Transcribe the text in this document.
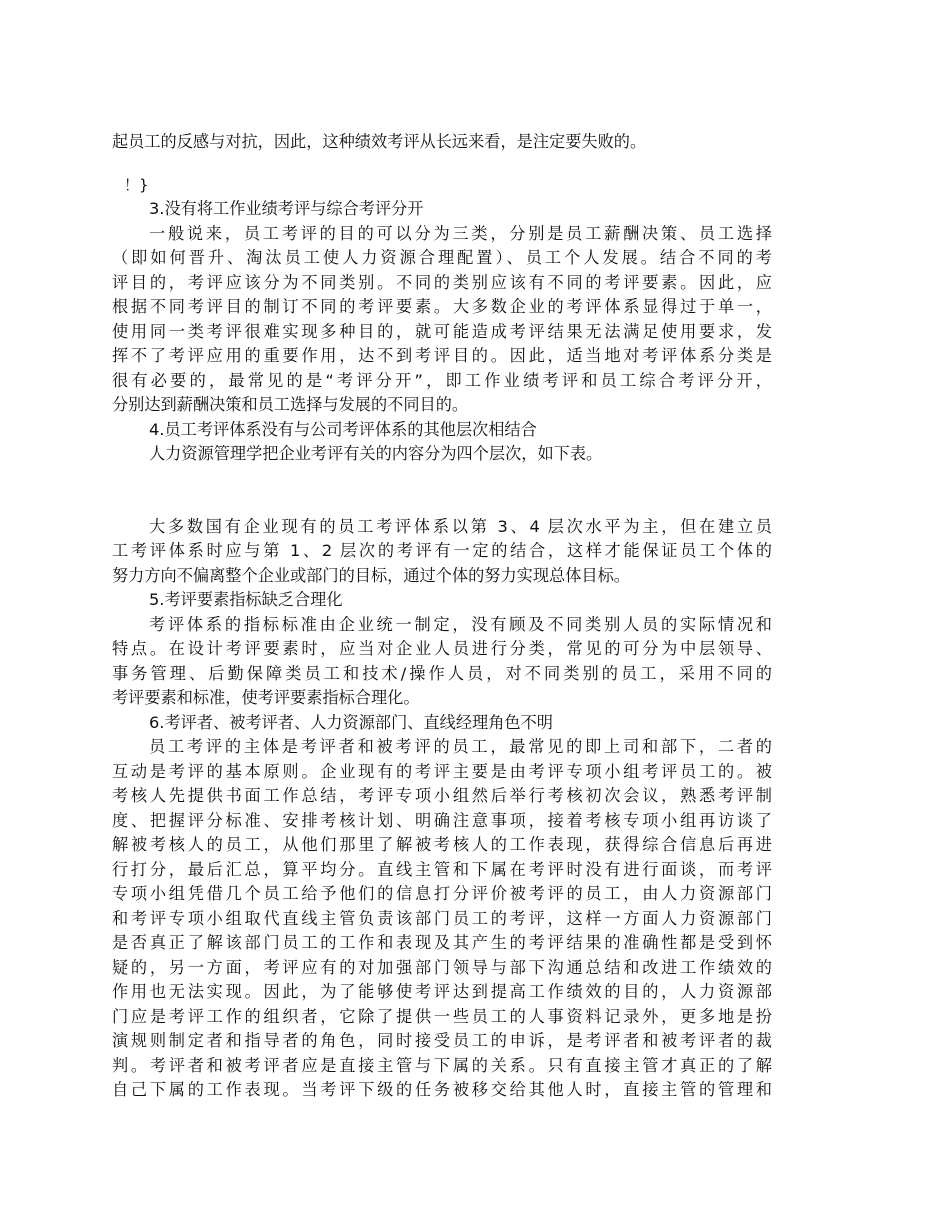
起员工的反感与对抗，因此，这种绩效考评从长远来看，是注定要失败的。
！}
3.没有将工作业绩考评与综合考评分开
一般说来，员工考评的目的可以分为三类，分别是员工薪酬决策、员工选择
（即如何晋升、淘汰员工使人力资源合理配置）、员工个人发展。结合不同的考
评目的，考评应该分为不同类别。不同的类别应该有不同的考评要素。因此，应
根据不同考评目的制订不同的考评要素。大多数企业的考评体系显得过于单一，
使用同一类考评很难实现多种目的，就可能造成考评结果无法满足使用要求，发
挥不了考评应用的重要作用，达不到考评目的。因此，适当地对考评体系分类是
很有必要的，最常见的是“考评分开”，即工作业绩考评和员工综合考评分开，
分别达到薪酬决策和员工选择与发展的不同目的。
4.员工考评体系没有与公司考评体系的其他层次相结合
人力资源管理学把企业考评有关的内容分为四个层次，如下表。
大多数国有企业现有的员工考评体系以第 3、4 层次水平为主，但在建立员
工考评体系时应与第 1、2 层次的考评有一定的结合，这样才能保证员工个体的
努力方向不偏离整个企业或部门的目标，通过个体的努力实现总体目标。
5.考评要素指标缺乏合理化
考评体系的指标标准由企业统一制定，没有顾及不同类别人员的实际情况和
特点。在设计考评要素时，应当对企业人员进行分类，常见的可分为中层领导、
事务管理、后勤保障类员工和技术/操作人员，对不同类别的员工，采用不同的
考评要素和标准，使考评要素指标合理化。
6.考评者、被考评者、人力资源部门、直线经理角色不明
员工考评的主体是考评者和被考评的员工，最常见的即上司和部下，二者的
互动是考评的基本原则。企业现有的考评主要是由考评专项小组考评员工的。被
考核人先提供书面工作总结，考评专项小组然后举行考核初次会议，熟悉考评制
度、把握评分标准、安排考核计划、明确注意事项，接着考核专项小组再访谈了
解被考核人的员工，从他们那里了解被考核人的工作表现，获得综合信息后再进
行打分，最后汇总，算平均分。直线主管和下属在考评时没有进行面谈，而考评
专项小组凭借几个员工给予他们的信息打分评价被考评的员工，由人力资源部门
和考评专项小组取代直线主管负责该部门员工的考评，这样一方面人力资源部门
是否真正了解该部门员工的工作和表现及其产生的考评结果的准确性都是受到怀
疑的，另一方面，考评应有的对加强部门领导与部下沟通总结和改进工作绩效的
作用也无法实现。因此，为了能够使考评达到提高工作绩效的目的，人力资源部
门应是考评工作的组织者，它除了提供一些员工的人事资料记录外，更多地是扮
演规则制定者和指导者的角色，同时接受员工的申诉，是考评者和被考评者的裁
判。考评者和被考评者应是直接主管与下属的关系。只有直接主管才真正的了解
自己下属的工作表现。当考评下级的任务被移交给其他人时，直接主管的管理和
